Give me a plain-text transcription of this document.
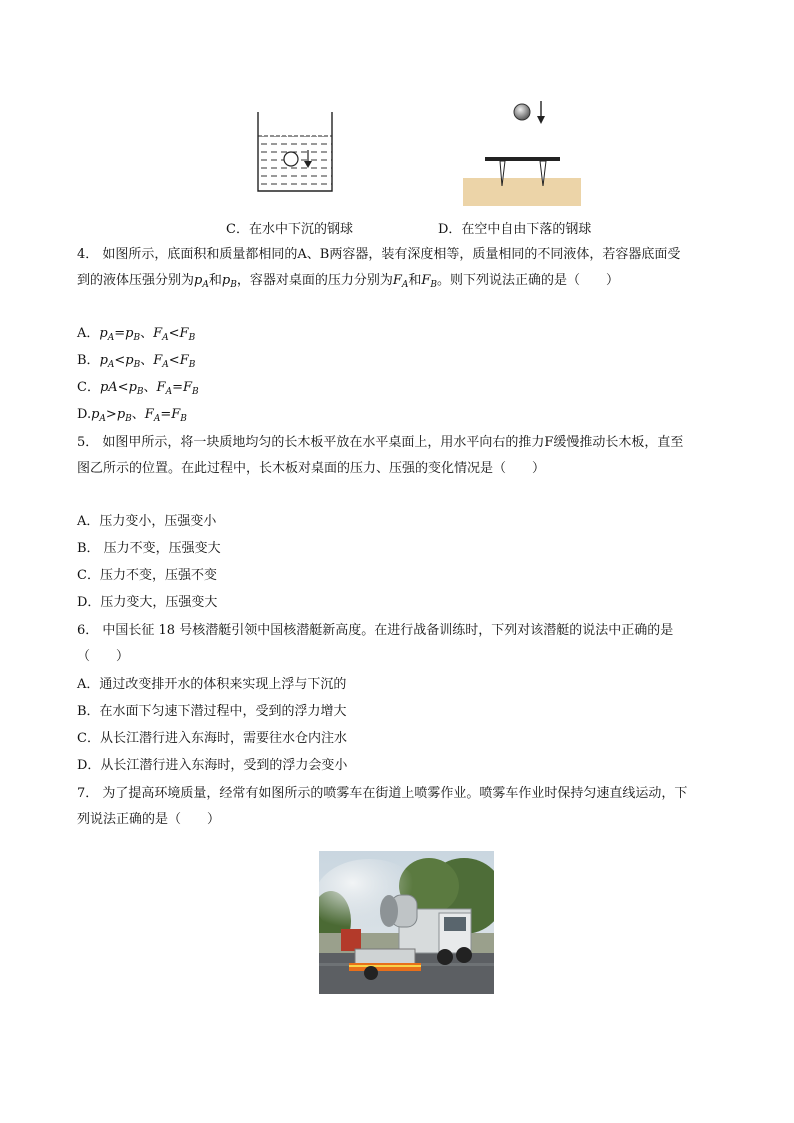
C．在水中下沉的钢球	D．在空中自由下落的钢球
4． 如图所示，底面积和质量都相同的A、B两容器，装有深度相等，质量相同的不同液体，若容器底面受
到的液体压强分别为$p_A$和$p_B$，容器对桌面的压力分别为$F_A$和$F_B$。则下列说法正确的是（　　）
A．$p_A=p_B$、$F_A<F_B$
B．$p_A<p_B$、$F_A<F_B$
C．$pA<p_B$、$F_A=F_B$
$D.p_A>p_B$、$F_A=F_B$
5． 如图甲所示，将一块质地均匀的长木板平放在水平桌面上，用水平向右的推力F缓慢推动长木板，直至
图乙所示的位置。在此过程中，长木板对桌面的压力、压强的变化情况是（　　）
A．压力变小，压强变小
B． 压力不变，压强变大
C．压力不变，压强不变
D．压力变大，压强变大
6． 中国长征 18 号核潜艇引领中国核潜艇新高度。在进行战备训练时，下列对该潜艇的说法中正确的是
（　　）
A．通过改变排开水的体积来实现上浮与下沉的
B．在水面下匀速下潜过程中，受到的浮力增大
C．从长江潜行进入东海时，需要往水仓内注水
D．从长江潜行进入东海时，受到的浮力会变小
7． 为了提高环境质量，经常有如图所示的喷雾车在街道上喷雾作业。喷雾车作业时保持匀速直线运动，下
列说法正确的是（　　）
